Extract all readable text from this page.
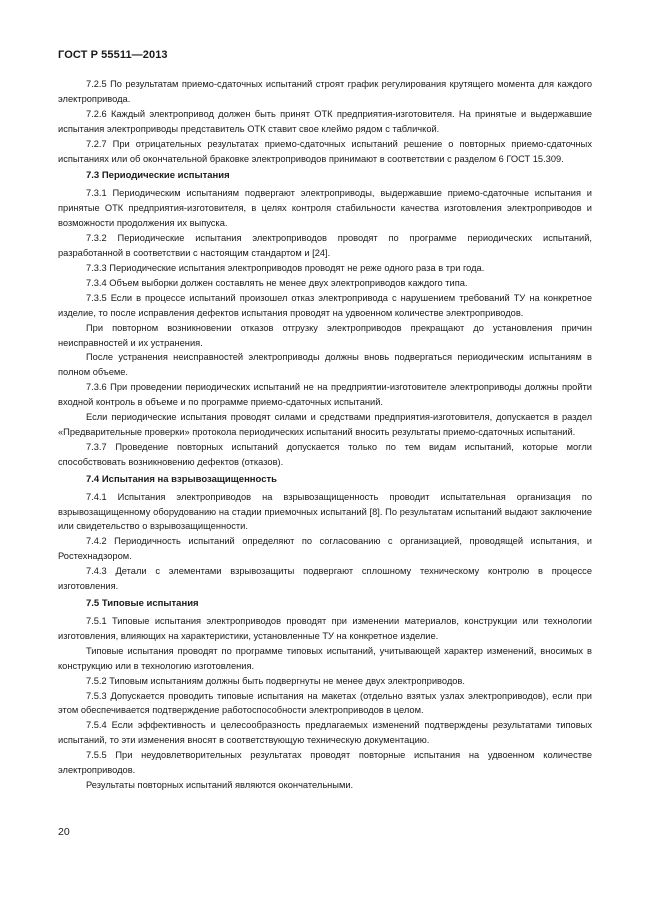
ГОСТ Р 55511—2013

7.2.5 По результатам приемо-сдаточных испытаний строят график регулирования крутящего момента для каждого электропривода.

7.2.6 Каждый электропривод должен быть принят ОТК предприятия-изготовителя. На принятые и выдержавшие испытания электроприводы представитель ОТК ставит свое клеймо рядом с табличкой.

7.2.7 При отрицательных результатах приемо-сдаточных испытаний решение о повторных приемо-сдаточных испытаниях или об окончательной браковке электроприводов принимают в соответствии с разделом 6 ГОСТ 15.309.

7.3 Периодические испытания

7.3.1 Периодическим испытаниям подвергают электроприводы, выдержавшие приемо-сдаточные испытания и принятые ОТК предприятия-изготовителя, в целях контроля стабильности качества изготовления электроприводов и возможности продолжения их выпуска.

7.3.2 Периодические испытания электроприводов проводят по программе периодических испытаний, разработанной в соответствии с настоящим стандартом и [24].

7.3.3 Периодические испытания электроприводов проводят не реже одного раза в три года.

7.3.4 Объем выборки должен составлять не менее двух электроприводов каждого типа.

7.3.5 Если в процессе испытаний произошел отказ электропривода с нарушением требований ТУ на конкретное изделие, то после исправления дефектов испытания проводят на удвоенном количестве электроприводов.

При повторном возникновении отказов отгрузку электроприводов прекращают до установления причин неисправностей и их устранения.

После устранения неисправностей электроприводы должны вновь подвергаться периодическим испытаниям в полном объеме.

7.3.6 При проведении периодических испытаний не на предприятии-изготовителе электроприводы должны пройти входной контроль в объеме и по программе приемо-сдаточных испытаний.

Если периодические испытания проводят силами и средствами предприятия-изготовителя, допускается в раздел «Предварительные проверки» протокола периодических испытаний вносить результаты приемо-сдаточных испытаний.

7.3.7 Проведение повторных испытаний допускается только по тем видам испытаний, которые могли способствовать возникновению дефектов (отказов).

7.4 Испытания на взрывозащищенность

7.4.1 Испытания электроприводов на взрывозащищенность проводит испытательная организация по взрывозащищенному оборудованию на стадии приемочных испытаний [8]. По результатам испытаний выдают заключение или свидетельство о взрывозащищенности.

7.4.2 Периодичность испытаний определяют по согласованию с организацией, проводящей испытания, и Ростехнадзором.

7.4.3 Детали с элементами взрывозащиты подвергают сплошному техническому контролю в процессе изготовления.

7.5 Типовые испытания

7.5.1 Типовые испытания электроприводов проводят при изменении материалов, конструкции или технологии изготовления, влияющих на характеристики, установленные ТУ на конкретное изделие.

Типовые испытания проводят по программе типовых испытаний, учитывающей характер изменений, вносимых в конструкцию или в технологию изготовления.

7.5.2 Типовым испытаниям должны быть подвергнуты не менее двух электроприводов.

7.5.3 Допускается проводить типовые испытания на макетах (отдельно взятых узлах электроприводов), если при этом обеспечивается подтверждение работоспособности электроприводов в целом.

7.5.4 Если эффективность и целесообразность предлагаемых изменений подтверждены результатами типовых испытаний, то эти изменения вносят в соответствующую техническую документацию.

7.5.5 При неудовлетворительных результатах проводят повторные испытания на удвоенном количестве электроприводов.

Результаты повторных испытаний являются окончательными.

20
